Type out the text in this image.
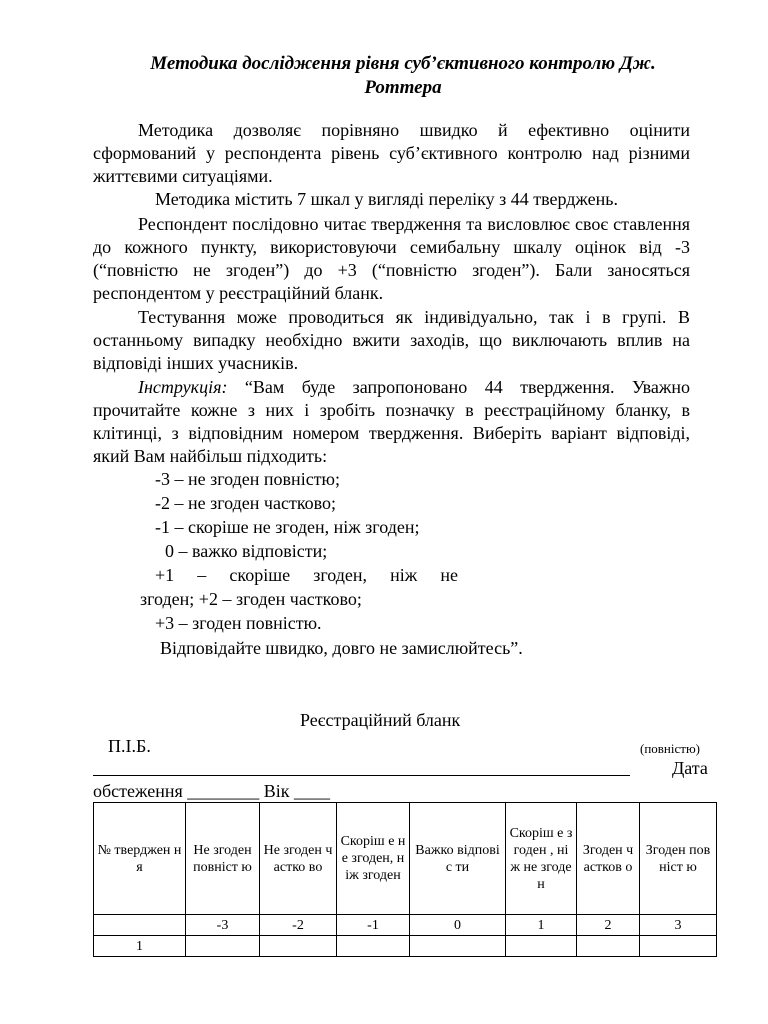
Методика дослідження рівня суб’єктивного контролю Дж. Роттера
Методика дозволяє порівняно швидко й ефективно оцінити сформований у респондента рівень суб’єктивного контролю над різними життєвими ситуаціями.
Методика містить 7 шкал у вигляді переліку з 44 тверджень.
Респондент послідовно читає твердження та висловлює своє ставлення до кожного пункту, використовуючи семибальну шкалу оцінок від -3 (“повністю не згоден”) до +3 (“повністю згоден”). Бали заносяться респондентом у реєстраційний бланк.
Тестування може проводиться як індивідуально, так і в групі. В останньому випадку необхідно вжити заходів, що виключають вплив на відповіді інших учасників.
Інструкція: “Вам буде запропоновано 44 твердження. Уважно прочитайте кожне з них і зробіть позначку в реєстраційному бланку, в клітинці, з відповідним номером твердження. Виберіть варіант відповіді, який Вам найбільш підходить:
-3 – не згоден повністю;
-2 – не згоден частково;
-1 – скоріше не згоден, ніж згоден;
0 – важко відповісти;
+1 – скоріше згоден, ніж не
згоден; +2 – згоден частково;
+3 – згоден повністю.
Відповідайте швидко, довго не замислюйтесь”.
Реєстраційний бланк
П.І.Б.	(повністю)
Дата
обстеження ________ Вік ____
№ тверджен ня	Не згоден повніст ю	Не згоден частко во	Скоріш е не згоден, ніж згоден	Важко відповіс ти	Скоріш е згоден , ніж не згоден	Згоден частков о	Згоден повніст ю
	-3	-2	-1	0	1	2	3
1							
